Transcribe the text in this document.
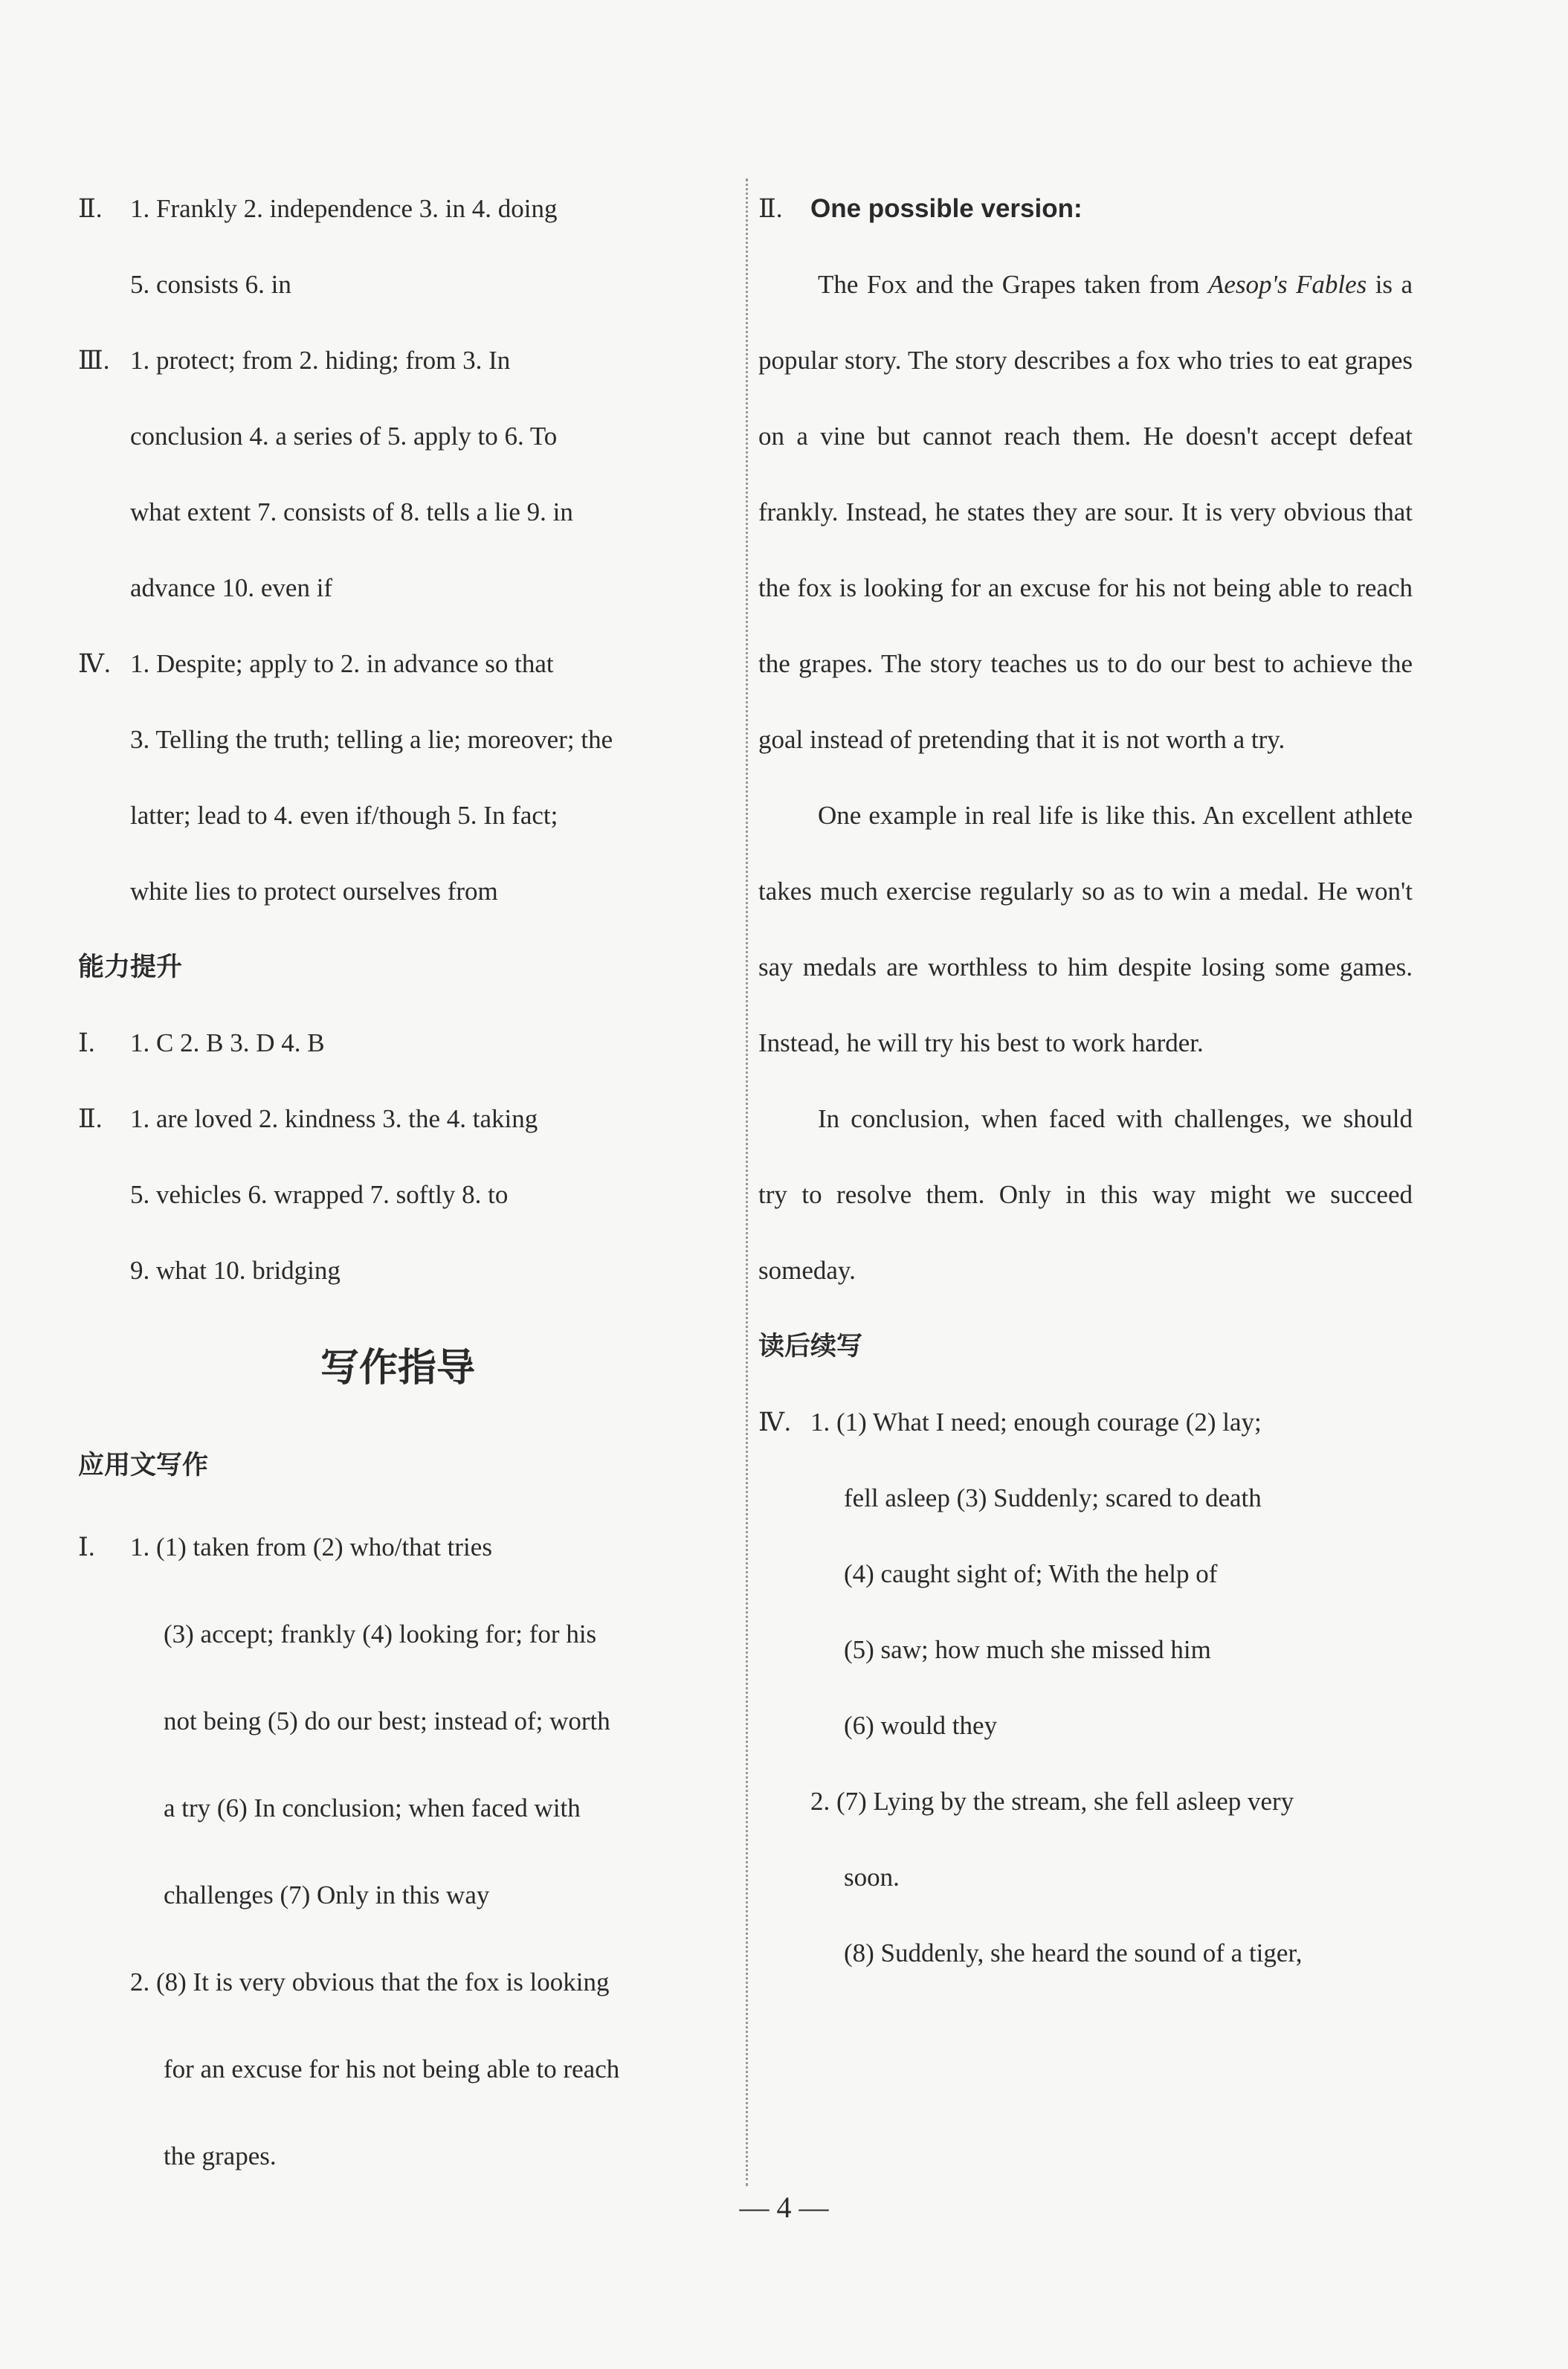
Ⅱ. 1. Frankly 2. independence 3. in 4. doing
5. consists 6. in
Ⅲ. 1. protect; from 2. hiding; from 3. In
conclusion 4. a series of 5. apply to 6. To
what extent 7. consists of 8. tells a lie 9. in
advance 10. even if
Ⅳ. 1. Despite; apply to 2. in advance so that
3. Telling the truth; telling a lie; moreover; the
latter; lead to 4. even if/though 5. In fact;
white lies to protect ourselves from
能力提升
Ⅰ. 1. C 2. B 3. D 4. B
Ⅱ. 1. are loved 2. kindness 3. the 4. taking
5. vehicles 6. wrapped 7. softly 8. to
9. what 10. bridging
写作指导
应用文写作
Ⅰ. 1. (1) taken from (2) who/that tries
(3) accept; frankly (4) looking for; for his
not being (5) do our best; instead of; worth
a try (6) In conclusion; when faced with
challenges (7) Only in this way
2. (8) It is very obvious that the fox is looking
for an excuse for his not being able to reach
the grapes.
Ⅱ. One possible version:
The Fox and the Grapes taken from Aesop's Fables is a popular story. The story describes a fox who tries to eat grapes on a vine but cannot reach them. He doesn't accept defeat frankly. Instead, he states they are sour. It is very obvious that the fox is looking for an excuse for his not being able to reach the grapes. The story teaches us to do our best to achieve the goal instead of pretending that it is not worth a try.
One example in real life is like this. An excellent athlete takes much exercise regularly so as to win a medal. He won't say medals are worthless to him despite losing some games. Instead, he will try his best to work harder.
In conclusion, when faced with challenges, we should try to resolve them. Only in this way might we succeed someday.
读后续写
Ⅳ. 1. (1) What I need; enough courage (2) lay;
fell asleep (3) Suddenly; scared to death
(4) caught sight of; With the help of
(5) saw; how much she missed him
(6) would they
2. (7) Lying by the stream, she fell asleep very
soon.
(8) Suddenly, she heard the sound of a tiger,
— 4 —
